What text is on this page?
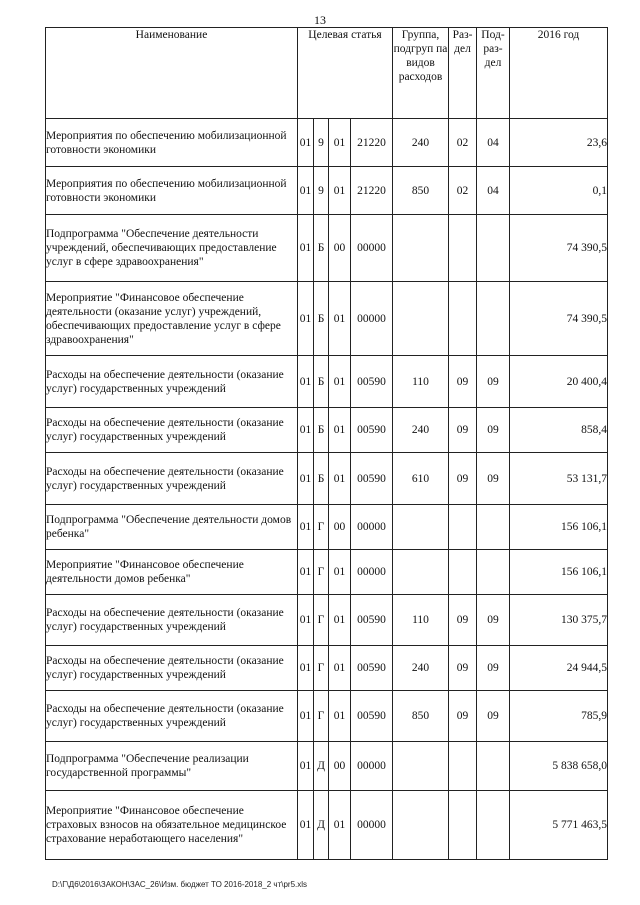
13
Наименование	Целевая статья				Группа, подгруп па видов расходов	Раз- дел	Под- раз- дел	2016 год
Мероприятия по обеспечению мобилизационной готовности экономики	01	9	01	21220	240	02	04	23,6
Мероприятия по обеспечению мобилизационной готовности экономики	01	9	01	21220	850	02	04	0,1
Подпрограмма "Обеспечение деятельности учреждений, обеспечивающих предоставление услуг в сфере здравоохранения"	01	Б	00	00000				74 390,5
Мероприятие "Финансовое обеспечение деятельности (оказание услуг) учреждений, обеспечивающих предоставление услуг в сфере здравоохранения"	01	Б	01	00000				74 390,5
Расходы на обеспечение деятельности (оказание услуг) государственных учреждений	01	Б	01	00590	110	09	09	20 400,4
Расходы на обеспечение деятельности (оказание услуг) государственных учреждений	01	Б	01	00590	240	09	09	858,4
Расходы на обеспечение деятельности (оказание услуг) государственных учреждений	01	Б	01	00590	610	09	09	53 131,7
Подпрограмма "Обеспечение деятельности домов ребенка"	01	Г	00	00000				156 106,1
Мероприятие "Финансовое обеспечение деятельности домов ребенка"	01	Г	01	00000				156 106,1
Расходы на обеспечение деятельности (оказание услуг) государственных учреждений	01	Г	01	00590	110	09	09	130 375,7
Расходы на обеспечение деятельности (оказание услуг) государственных учреждений	01	Г	01	00590	240	09	09	24 944,5
Расходы на обеспечение деятельности (оказание услуг) государственных учреждений	01	Г	01	00590	850	09	09	785,9
Подпрограмма "Обеспечение реализации государственной программы"	01	Д	00	00000				5 838 658,0
Мероприятие "Финансовое обеспечение страховых взносов на обязательное медицинское страхование неработающего населения"	01	Д	01	00000				5 771 463,5
D:\Г\Д6\2016\ЗАКОН\ЗАС_26\Изм. бюджет ТО 2016-2018_2 чт\pr5.xls
